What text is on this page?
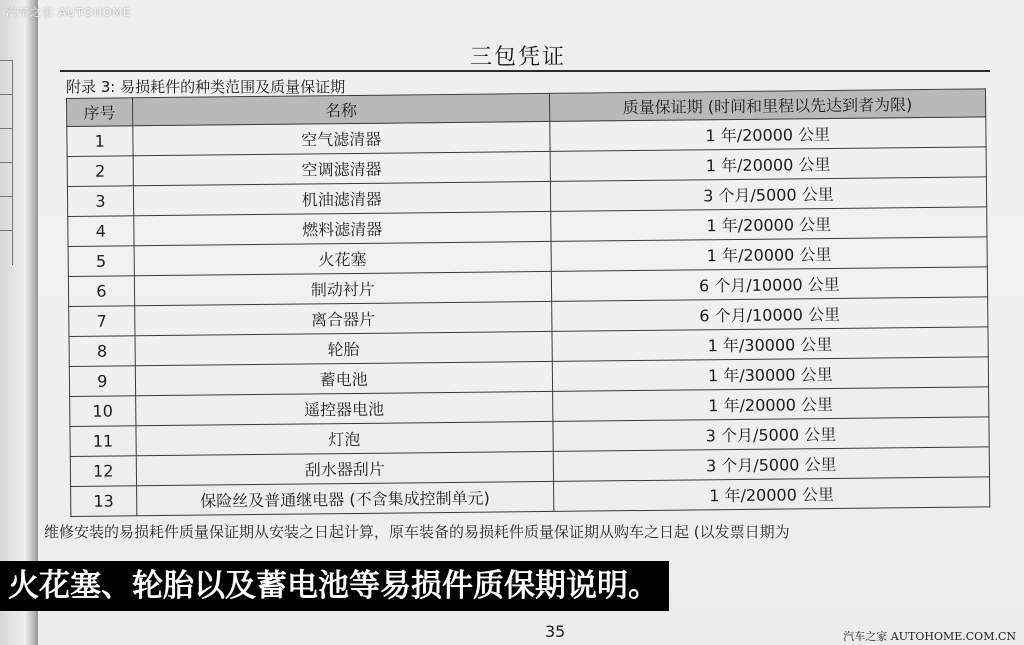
汽车之家 AUTOHOME
三包凭证
附录 3: 易损耗件的种类范围及质量保证期
序号	名称	质量保证期 (时间和里程以先达到者为限)
1	空气滤清器	1 年/20000 公里
2	空调滤清器	1 年/20000 公里
3	机油滤清器	3 个月/5000 公里
4	燃料滤清器	1 年/20000 公里
5	火花塞	1 年/20000 公里
6	制动衬片	6 个月/10000 公里
7	离合器片	6 个月/10000 公里
8	轮胎	1 年/30000 公里
9	蓄电池	1 年/30000 公里
10	遥控器电池	1 年/20000 公里
11	灯泡	3 个月/5000 公里
12	刮水器刮片	3 个月/5000 公里
13	保险丝及普通继电器 (不含集成控制单元)	1 年/20000 公里
维修安装的易损耗件质量保证期从安装之日起计算，原车装备的易损耗件质量保证期从购车之日起 (以发票日期为
火花塞、轮胎以及蓄电池等易损件质保期说明。
35	汽车之家 AUTOHOME.COM.CN
